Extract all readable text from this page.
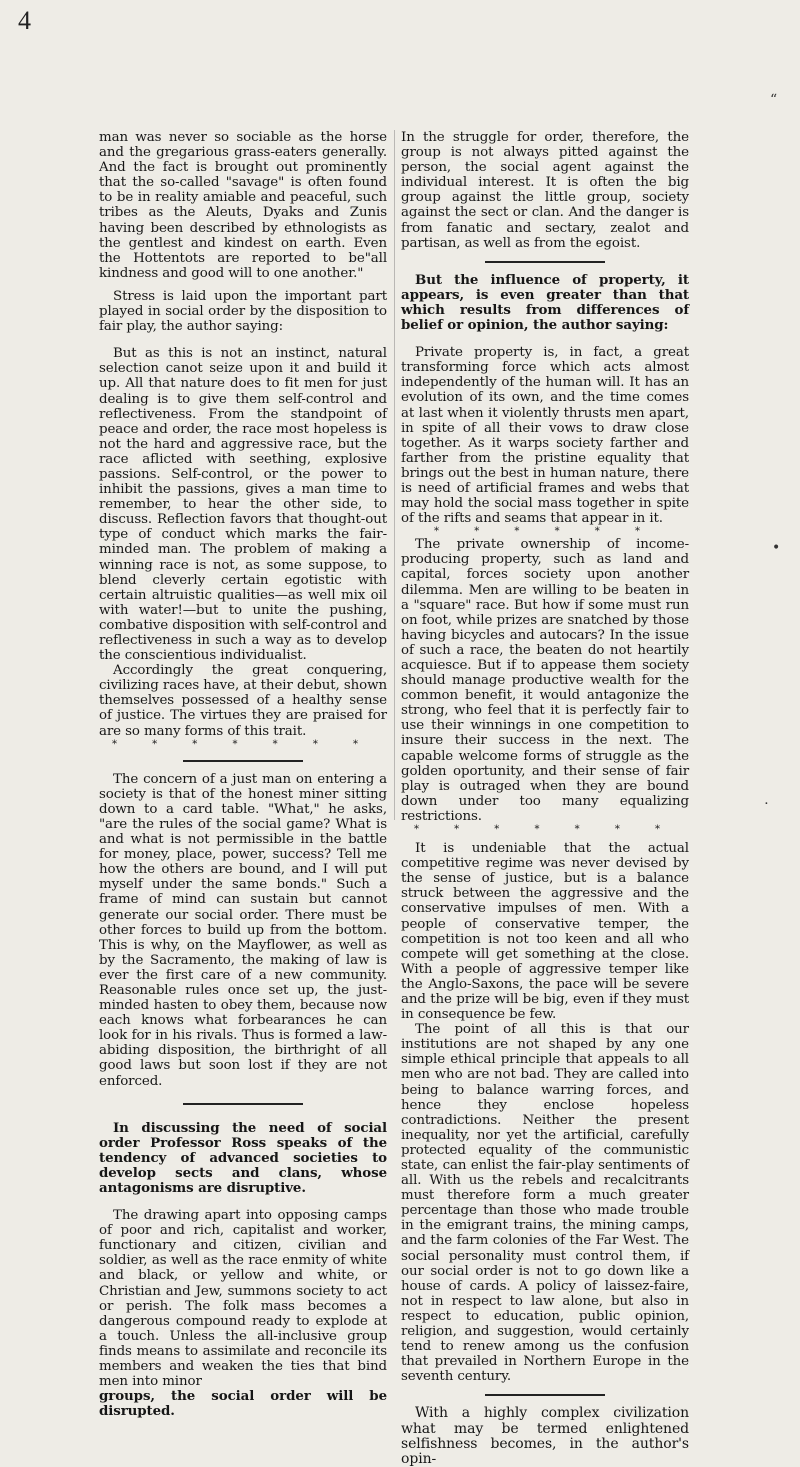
4
“
•
⋅

man was never so sociable as the horse and the gregarious grass-eaters generally. And the fact is brought out prominently that the so-called "savage" is often found to be in reality amiable and peaceful, such tribes as the Aleuts, Dyaks and Zunis having been described by ethnologists as the gentlest and kindest on earth. Even the Hottentots are reported to be"all kindness and good will to one another."

Stress is laid upon the important part played in social order by the disposition to fair play, the author saying:

But as this is not an instinct, natural selection canot seize upon it and build it up. All that nature does to fit men for just dealing is to give them self-control and reflectiveness. From the standpoint of peace and order, the race most hopeless is not the hard and aggressive race, but the race aflicted with seething, explosive passions. Self-control, or the power to inhibit the passions, gives a man time to remember, to hear the other side, to discuss. Reflection favors that thought-out type of conduct which marks the fair-minded man. The problem of making a winning race is not, as some suppose, to blend cleverly certain egotistic with certain altruistic qualities—as well mix oil with water!—but to unite the pushing, combative disposition with self-control and reflectiveness in such a way as to develop the conscientious individualist.

Accordingly the great conquering, civilizing races have, at their debut, shown themselves possessed of a healthy sense of justice. The virtues they are praised for are so many forms of this trait.

* * * * * * *

The concern of a just man on entering a society is that of the honest miner sitting down to a card table. "What," he asks, "are the rules of the social game? What is and what is not permissible in the battle for money, place, power, success? Tell me how the others are bound, and I will put myself under the same bonds." Such a frame of mind can sustain but cannot generate our social order. There must be other forces to build up from the bottom. This is why, on the Mayflower, as well as by the Sacramento, the making of law is ever the first care of a new community. Reasonable rules once set up, the just-minded hasten to obey them, because now each knows what forbearances he can look for in his rivals. Thus is formed a law-abiding disposition, the birthright of all good laws but soon lost if they are not enforced.

In discussing the need of social order Professor Ross speaks of the tendency of advanced societies to develop sects and clans, whose antagonisms are disruptive.

The drawing apart into opposing camps of poor and rich, capitalist and worker, functionary and citizen, civilian and soldier, as well as the race enmity of white and black, or yellow and white, or Christian and Jew, summons society to act or perish. The folk mass becomes a dangerous compound ready to explode at a touch. Unless the all-inclusive group finds means to assimilate and reconcile its members and weaken the ties that bind men into minor

groups, the social order will be disrupted.

In the struggle for order, therefore, the group is not always pitted against the person, the social agent against the individual interest. It is often the big group against the little group, society against the sect or clan. And the danger is from fanatic and sectary, zealot and partisan, as well as from the egoist.

But the influence of property, it appears, is even greater than that which results from differences of belief or opinion, the author saying:

Private property is, in fact, a great transforming force which acts almost independently of the human will. It has an evolution of its own, and the time comes at last when it violently thrusts men apart, in spite of all their vows to draw close together. As it warps society farther and farther from the pristine equality that brings out the best in human nature, there is need of artificial frames and webs that may hold the social mass together in spite of the rifts and seams that appear in it.

* * * * * *

The private ownership of income-producing property, such as land and capital, forces society upon another dilemma. Men are willing to be beaten in a "square" race. But how if some must run on foot, while prizes are snatched by those having bicycles and autocars? In the issue of such a race, the beaten do not heartily acquiesce. But if to appease them society should manage productive wealth for the common benefit, it would antagonize the strong, who feel that it is perfectly fair to use their winnings in one competition to insure their success in the next. The capable welcome forms of struggle as the golden oportunity, and their sense of fair play is outraged when they are bound down under too many equalizing restrictions.

* * * * * * *

It is undeniable that the actual competitive regime was never devised by the sense of justice, but is a balance struck between the aggressive and the conservative impulses of men. With a people of conservative temper, the competition is not too keen and all who compete will get something at the close. With a people of aggressive temper like the Anglo-Saxons, the pace will be severe and the prize will be big, even if they must in consequence be few.

The point of all this is that our institutions are not shaped by any one simple ethical principle that appeals to all men who are not bad. They are called into being to balance warring forces, and hence they enclose hopeless contradictions. Neither the present inequality, nor yet the artificial, carefully protected equality of the communistic state, can enlist the fair-play sentiments of all. With us the rebels and recalcitrants must therefore form a much greater percentage than those who made trouble in the emigrant trains, the mining camps, and the farm colonies of the Far West. The social personality must control them, if our social order is not to go down like a house of cards. A policy of laissez-faire, not in respect to law alone, but also in respect to education, public opinion, religion, and suggestion, would certainly tend to renew among us the confusion that prevailed in Northern Europe in the seventh century.

With a highly complex civilization what may be termed enlightened selfishness becomes, in the author's opin-
